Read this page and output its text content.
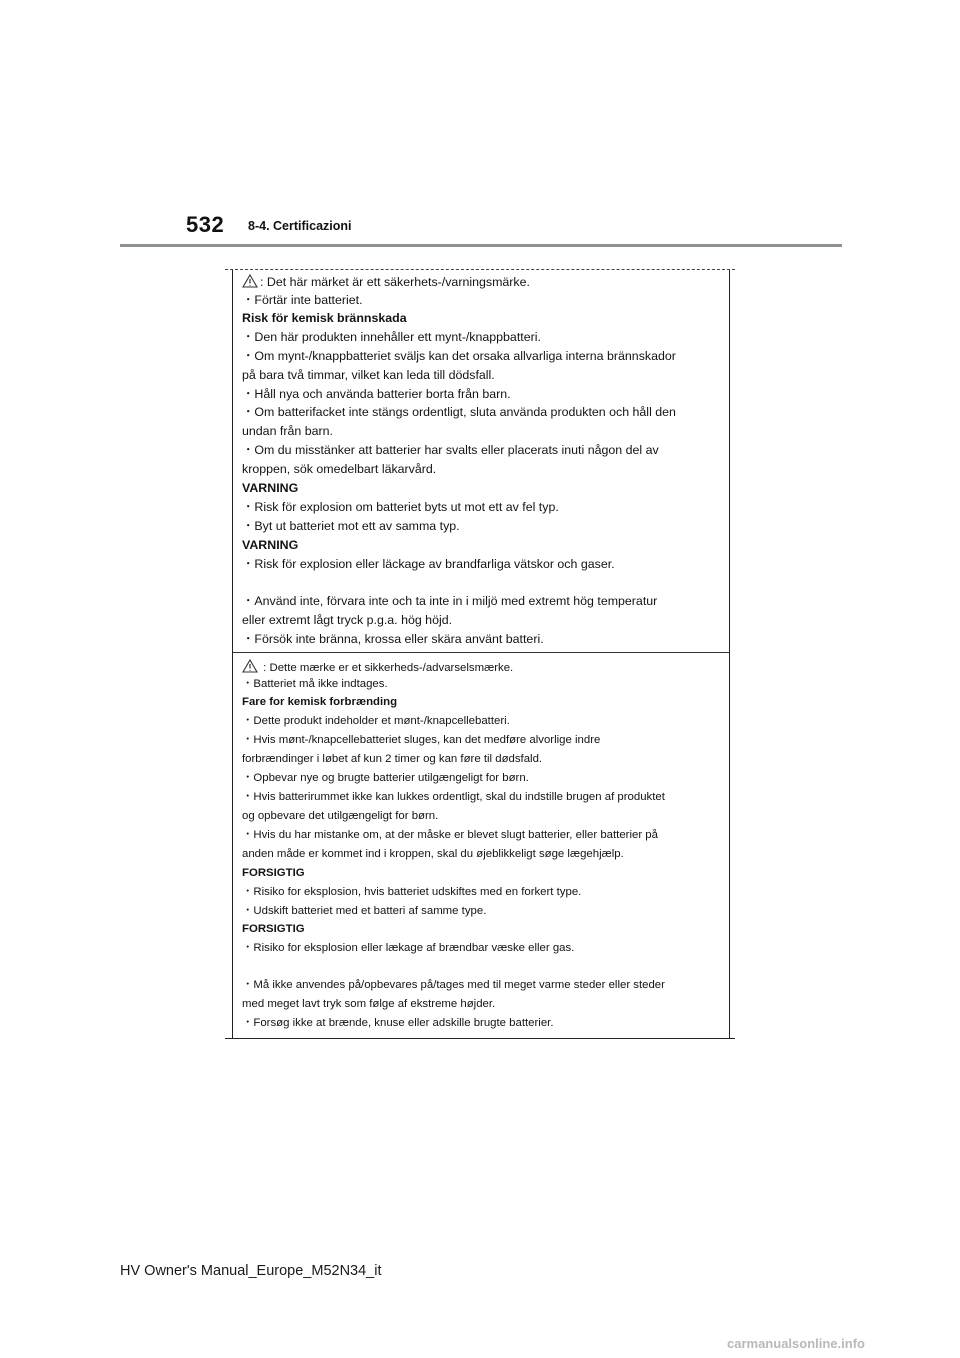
532 8-4. Certificazioni
: Det här märket är ett säkerhets-/varningsmärke.
・Förtär inte batteriet.
Risk för kemisk brännskada
・Den här produkten innehåller ett mynt-/knappbatteri.
・Om mynt-/knappbatteriet sväljs kan det orsaka allvarliga interna brännskador
på bara två timmar, vilket kan leda till dödsfall.
・Håll nya och använda batterier borta från barn.
・Om batterifacket inte stängs ordentligt, sluta använda produkten och håll den
undan från barn.
・Om du misstänker att batterier har svalts eller placerats inuti någon del av
kroppen, sök omedelbart läkarvård.
VARNING
・Risk för explosion om batteriet byts ut mot ett av fel typ.
・Byt ut batteriet mot ett av samma typ.
VARNING
・Risk för explosion eller läckage av brandfarliga vätskor och gaser.
・Använd inte, förvara inte och ta inte in i miljö med extremt hög temperatur
eller extremt lågt tryck p.g.a. hög höjd.
・Försök inte bränna, krossa eller skära använt batteri.
: Dette mærke er et sikkerheds-/advarselsmærke.
・Batteriet må ikke indtages.
Fare for kemisk forbrænding
・Dette produkt indeholder et mønt-/knapcellebatteri.
・Hvis mønt-/knapcellebatteriet sluges, kan det medføre alvorlige indre
forbrændinger i løbet af kun 2 timer og kan føre til dødsfald.
・Opbevar nye og brugte batterier utilgængeligt for børn.
・Hvis batterirummet ikke kan lukkes ordentligt, skal du indstille brugen af produktet
og opbevare det utilgængeligt for børn.
・Hvis du har mistanke om, at der måske er blevet slugt batterier, eller batterier på
anden måde er kommet ind i kroppen, skal du øjeblikkeligt søge lægehjælp.
FORSIGTIG
・Risiko for eksplosion, hvis batteriet udskiftes med en forkert type.
・Udskift batteriet med et batteri af samme type.
FORSIGTIG
・Risiko for eksplosion eller lækage af brændbar væske eller gas.
・Må ikke anvendes på/opbevares på/tages med til meget varme steder eller steder
med meget lavt tryk som følge af ekstreme højder.
・Forsøg ikke at brænde, knuse eller adskille brugte batterier.
HV Owner's Manual_Europe_M52N34_it
carmanualsonline.info
